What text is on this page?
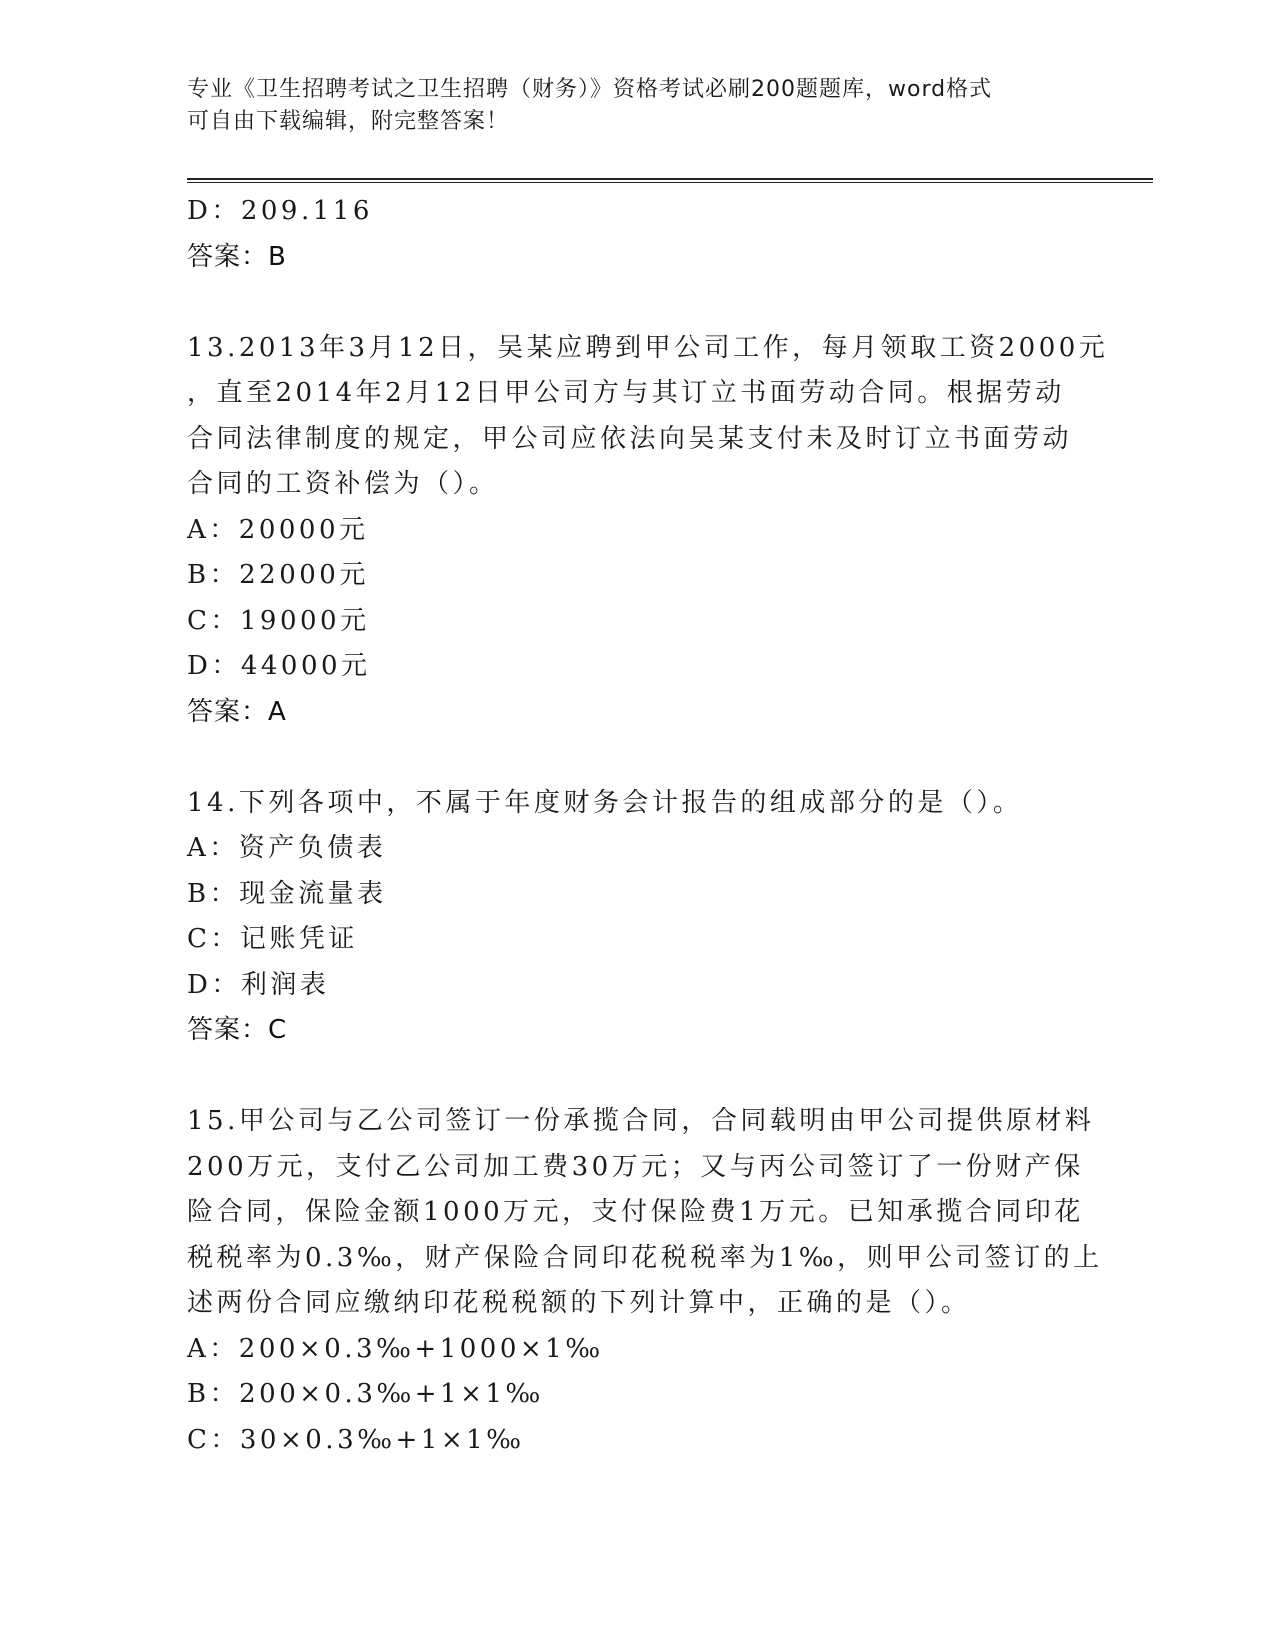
专业《卫生招聘考试之卫生招聘（财务）》资格考试必刷200题题库，word格式
可自由下载编辑，附完整答案！
D：209.116
答案：B
13.2013年3月12日，吴某应聘到甲公司工作，每月领取工资2000元
，直至2014年2月12日甲公司方与其订立书面劳动合同。根据劳动
合同法律制度的规定，甲公司应依法向吴某支付未及时订立书面劳动
合同的工资补偿为（）。
A：20000元
B：22000元
C：19000元
D：44000元
答案：A
14.下列各项中，不属于年度财务会计报告的组成部分的是（）。
A：资产负债表
B：现金流量表
C：记账凭证
D：利润表
答案：C
15.甲公司与乙公司签订一份承揽合同，合同载明由甲公司提供原材料
200万元，支付乙公司加工费30万元；又与丙公司签订了一份财产保
险合同，保险金额1000万元，支付保险费1万元。已知承揽合同印花
税税率为0.3‰，财产保险合同印花税税率为1‰，则甲公司签订的上
述两份合同应缴纳印花税税额的下列计算中，正确的是（）。
A：200×0.3‰+1000×1‰
B：200×0.3‰+1×1‰
C：30×0.3‰+1×1‰
